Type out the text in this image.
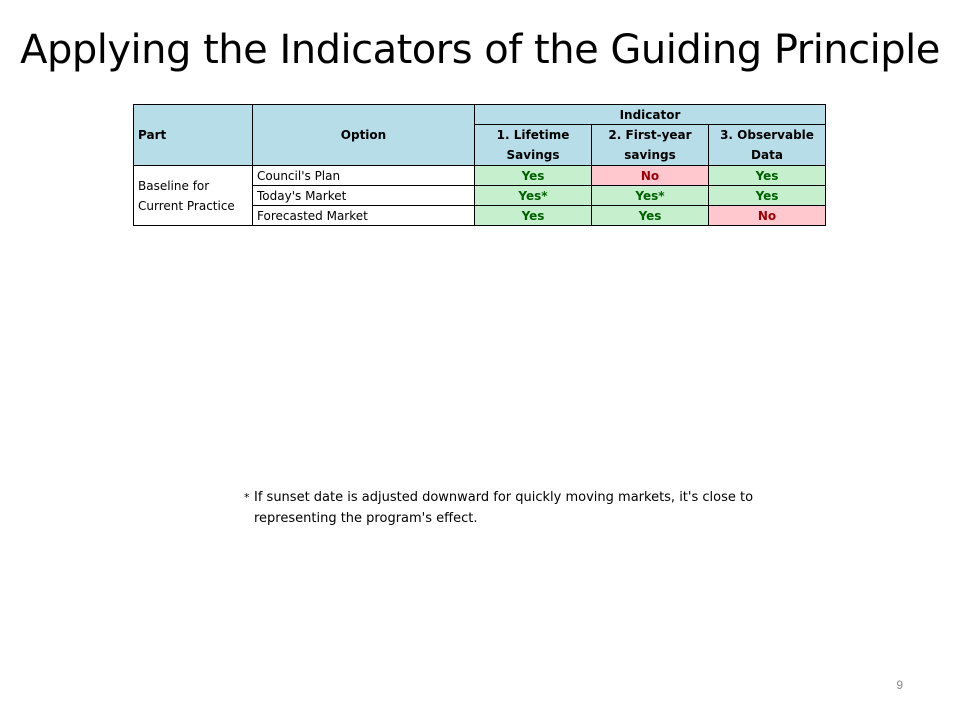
Applying the Indicators of the Guiding Principle
Part	Option	Indicator		
		1. Lifetime Savings	2. First-year savings	3. Observable Data

Baseline for Current Practice	Council's Plan	Yes	No	Yes
	Today's Market	Yes*	Yes*	Yes
	Forecasted Market	Yes	Yes	No
* If sunset date is adjusted downward for quickly moving markets, it's close to representing the program's effect.
9
